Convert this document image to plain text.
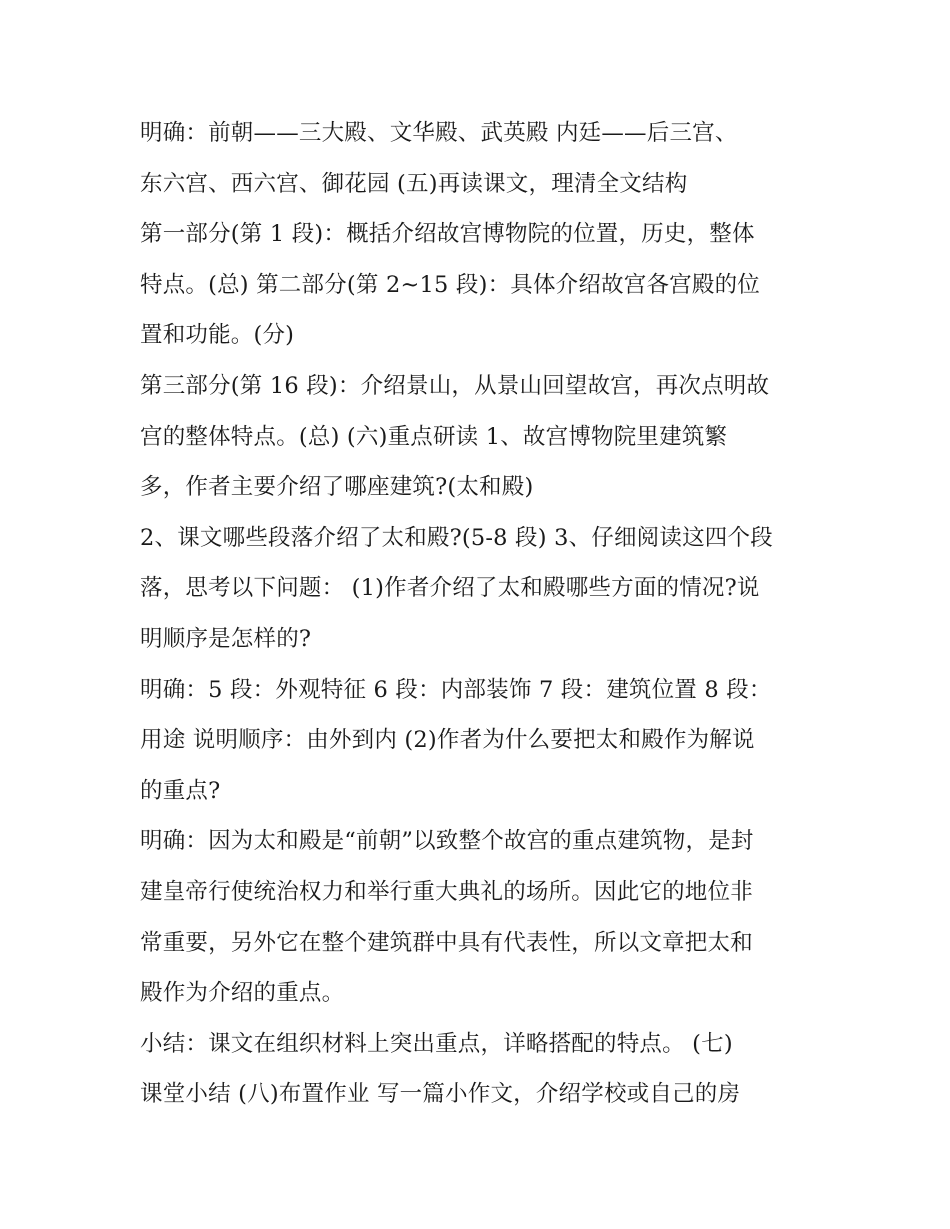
明确：前朝——三大殿、文华殿、武英殿 内廷——后三宫、
东六宫、西六宫、御花园 (五)再读课文，理清全文结构
第一部分(第 1 段)：概括介绍故宫博物院的位置，历史，整体
特点。(总) 第二部分(第 2~15 段)：具体介绍故宫各宫殿的位
置和功能。(分)
第三部分(第 16 段)：介绍景山，从景山回望故宫，再次点明故
宫的整体特点。(总) (六)重点研读 1、故宫博物院里建筑繁
多，作者主要介绍了哪座建筑?(太和殿)
2、课文哪些段落介绍了太和殿?(5-8 段) 3、仔细阅读这四个段
落，思考以下问题： (1)作者介绍了太和殿哪些方面的情况?说
明顺序是怎样的?
明确：5 段：外观特征 6 段：内部装饰 7 段：建筑位置 8 段：
用途 说明顺序：由外到内 (2)作者为什么要把太和殿作为解说
的重点?
明确：因为太和殿是“前朝”以致整个故宫的重点建筑物，是封
建皇帝行使统治权力和举行重大典礼的场所。因此它的地位非
常重要，另外它在整个建筑群中具有代表性，所以文章把太和
殿作为介绍的重点。
小结：课文在组织材料上突出重点，详略搭配的特点。 (七)
课堂小结 (八)布置作业 写一篇小作文，介绍学校或自己的房
